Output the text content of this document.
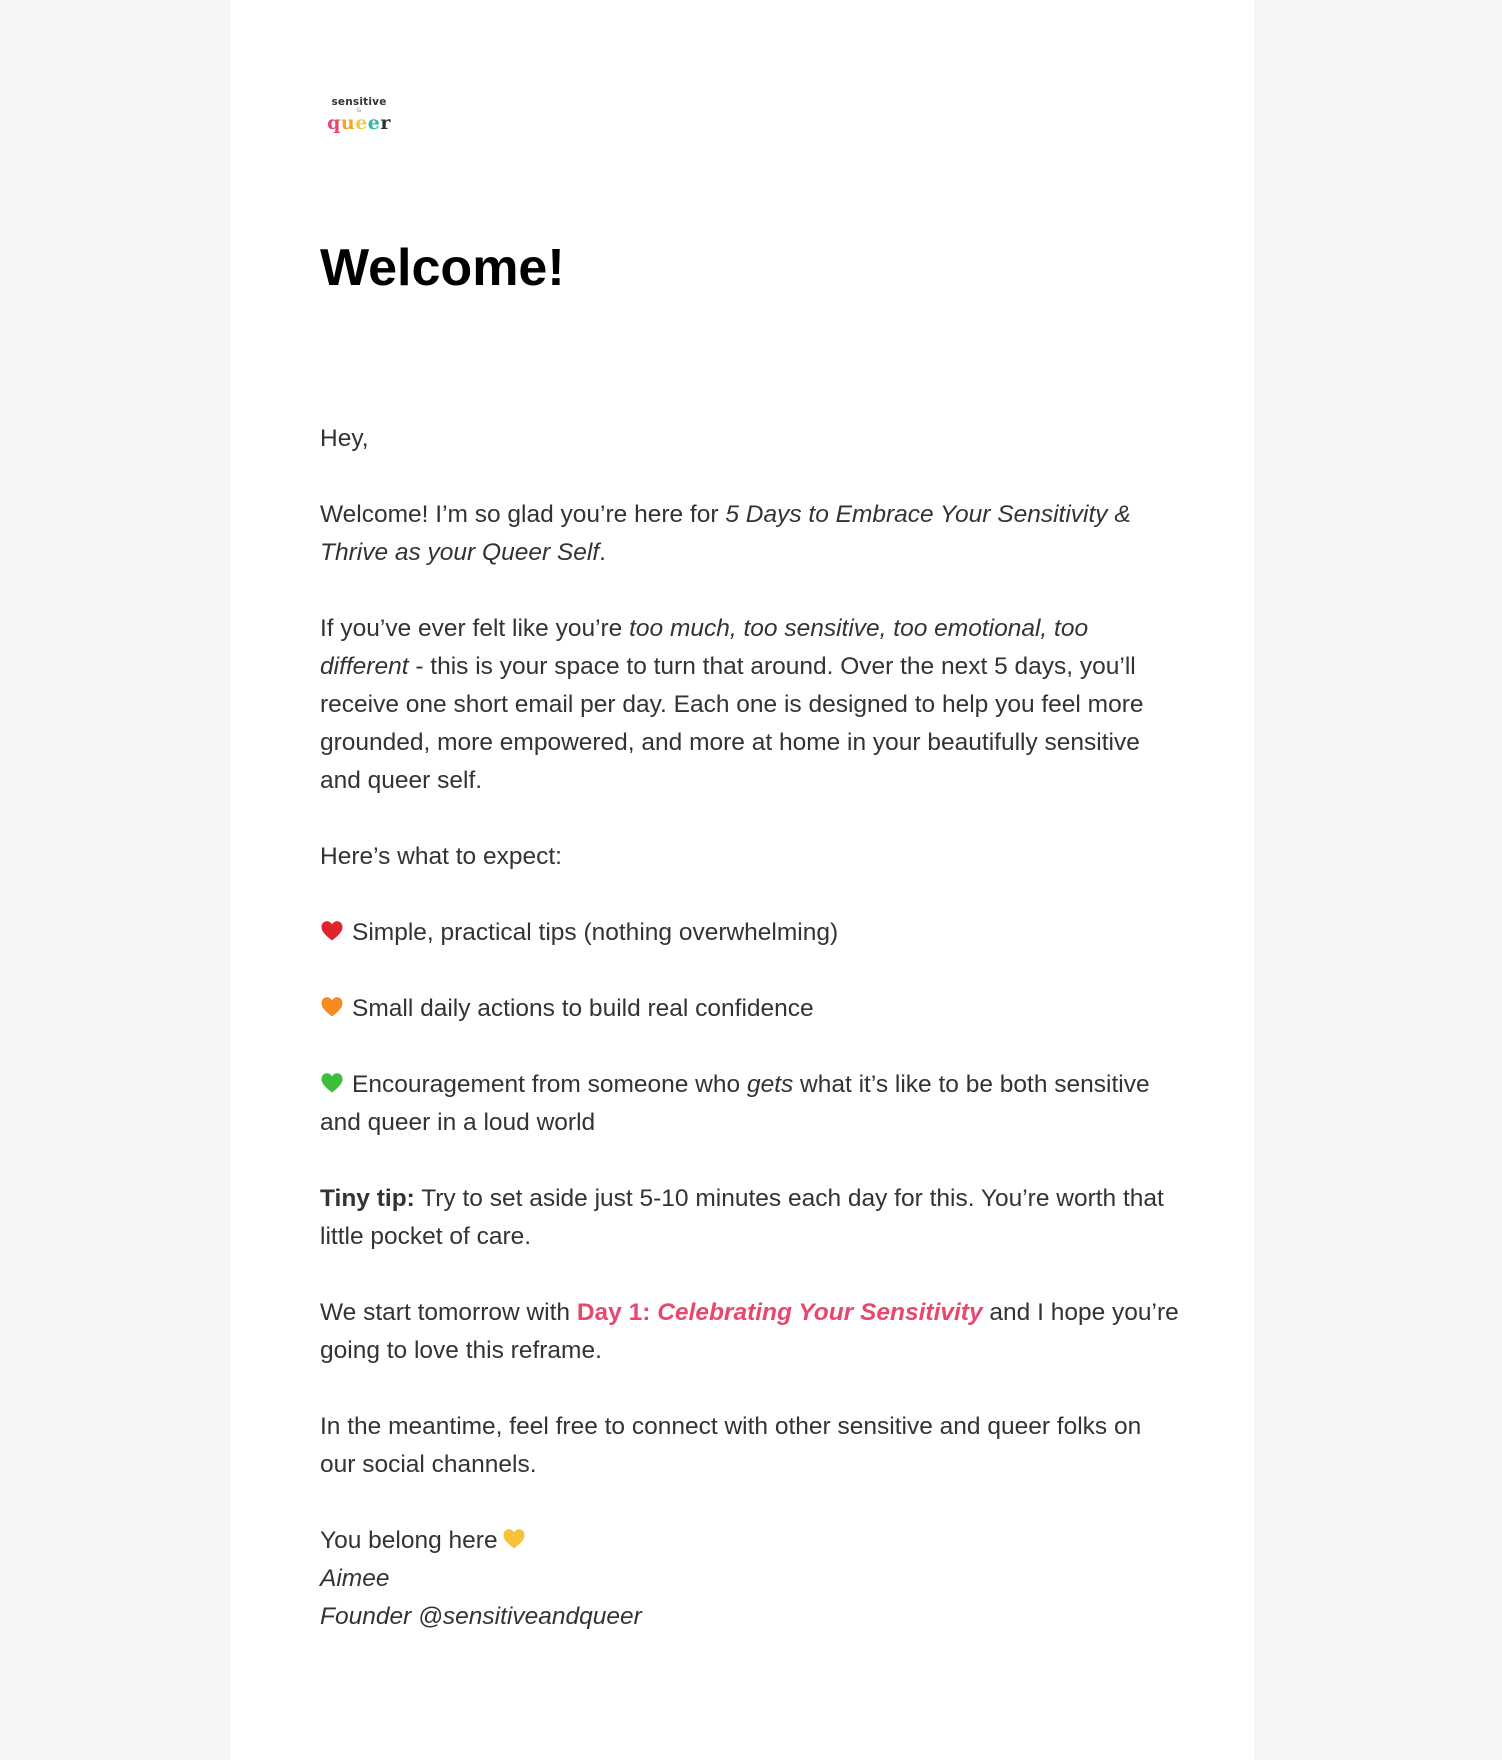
sensitive
&
queer
Welcome!

Hey,

Welcome! I’m so glad you’re here for 5 Days to Embrace Your Sensitivity & Thrive as your Queer Self.

If you’ve ever felt like you’re too much, too sensitive, too emotional, too different - this is your space to turn that around. Over the next 5 days, you’ll receive one short email per day. Each one is designed to help you feel more grounded, more empowered, and more at home in your beautifully sensitive and queer self.

Here’s what to expect:

Simple, practical tips (nothing overwhelming)

Small daily actions to build real confidence

Encouragement from someone who gets what it’s like to be both sensitive and queer in a loud world

Tiny tip: Try to set aside just 5-10 minutes each day for this. You’re worth that little pocket of care.

We start tomorrow with Day 1: Celebrating Your Sensitivity and I hope you’re going to love this reframe.

In the meantime, feel free to connect with other sensitive and queer folks on our social channels.

You belong here

Aimee

Founder @sensitiveandqueer
